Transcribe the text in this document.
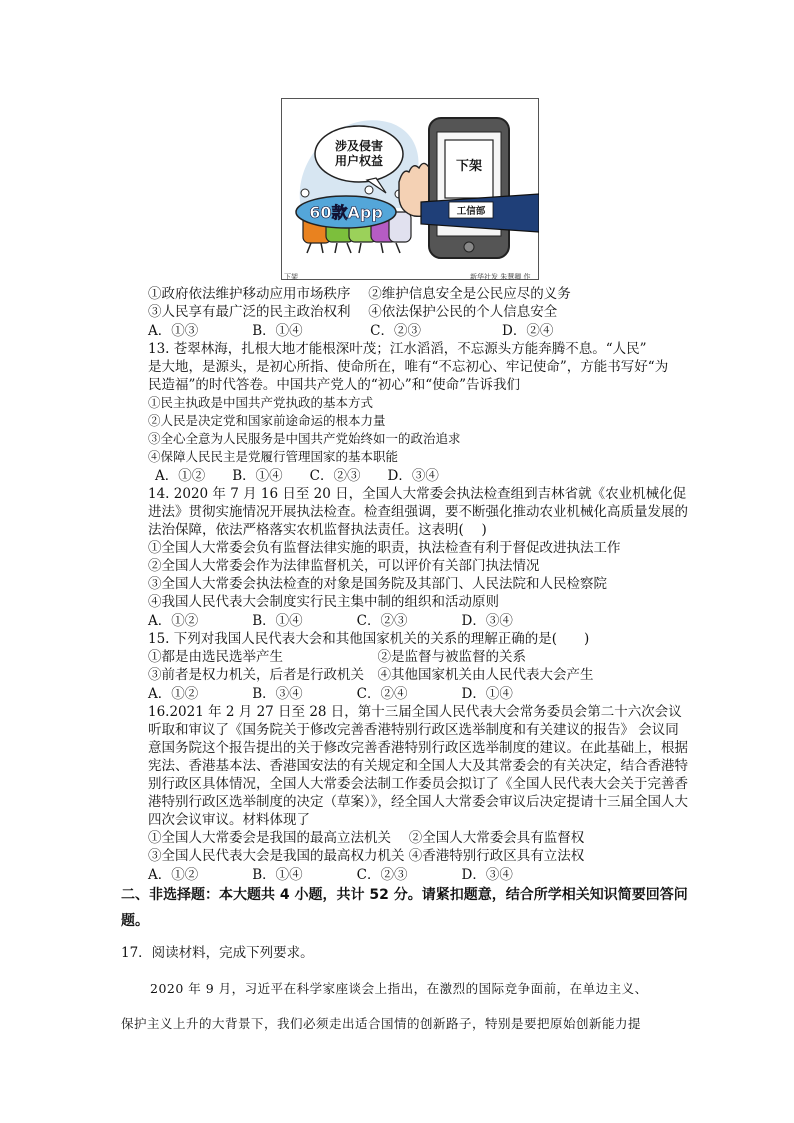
涉及侵害
用户权益
60款App
下架
工信部
下架	新华社发 朱慧卿 作
①政府依法维护移动应用市场秩序　 ②维护信息安全是公民应尽的义务
③人民享有最广泛的民主政治权利　 ④依法保护公民的个人信息安全
A．①③　　　　B．①④　　　　　C．②③　　　　　　D．②④
13. 苍翠林海，扎根大地才能根深叶茂；江水滔滔，不忘源头方能奔腾不息。“人民”
是大地，是源头，是初心所指、使命所在，唯有“不忘初心、牢记使命”，方能书写好“为
民造福”的时代答卷。中国共产党人的“初心”和“使命”告诉我们
①民主执政是中国共产党执政的基本方式
②人民是决定党和国家前途命运的根本力量
③全心全意为人民服务是中国共产党始终如一的政治追求
④保障人民民主是党履行管理国家的基本职能
A．①②　　B．①④　　C．②③　　D．③④
14. 2020 年 7 月 16 日至 20 日，全国人大常委会执法检查组到吉林省就《农业机械化促
进法》贯彻实施情况开展执法检查。检查组强调，要不断强化推动农业机械化高质量发展的
法治保障，依法严格落实农机监督执法责任。这表明(　 )
①全国人大常委会负有监督法律实施的职责，执法检查有利于督促改进执法工作
②全国人大常委会作为法律监督机关，可以评价有关部门执法情况
③全国人大常委会执法检查的对象是国务院及其部门、人民法院和人民检察院
④我国人民代表大会制度实行民主集中制的组织和活动原则
A．①②　　　　B．①④　　　　C．②③　　　　D．③④
15. 下列对我国人民代表大会和其他国家机关的关系的理解正确的是(　　)
①都是由选民选举产生　　　　　　　②是监督与被监督的关系
③前者是权力机关，后者是行政机关　④其他国家机关由人民代表大会产生
A．①②　　　　B．③④　　　　C．②④　　　　D．①④
16.2021 年 2 月 27 日至 28 日，第十三届全国人民代表大会常务委员会第二十六次会议
听取和审议了《国务院关于修改完善香港特别行政区选举制度和有关建议的报告》 会议同
意国务院这个报告提出的关于修改完善香港特别行政区选举制度的建议。在此基础上，根据
宪法、香港基本法、香港国安法的有关规定和全国人大及其常委会的有关决定，结合香港特
别行政区具体情况，全国人大常委会法制工作委员会拟订了《全国人民代表大会关于完善香
港特别行政区选举制度的决定（草案）》，经全国人大常委会审议后决定提请十三届全国人大
四次会议审议。材料体现了
①全国人大常委会是我国的最高立法机关　 ②全国人大常委会具有监督权
③全国人民代表大会是我国的最高权力机关 ④香港特别行政区具有立法权
A．①②　　　　B．①④　　　　C．②③　　　　D．③④
二、非选择题：本大题共 4 小题，共计 52 分。请紧扣题意，结合所学相关知识简要回答问
题。
17．阅读材料，完成下列要求。
2020 年 9 月，习近平在科学家座谈会上指出，在激烈的国际竞争面前，在单边主义、
保护主义上升的大背景下，我们必须走出适合国情的创新路子，特别是要把原始创新能力提
